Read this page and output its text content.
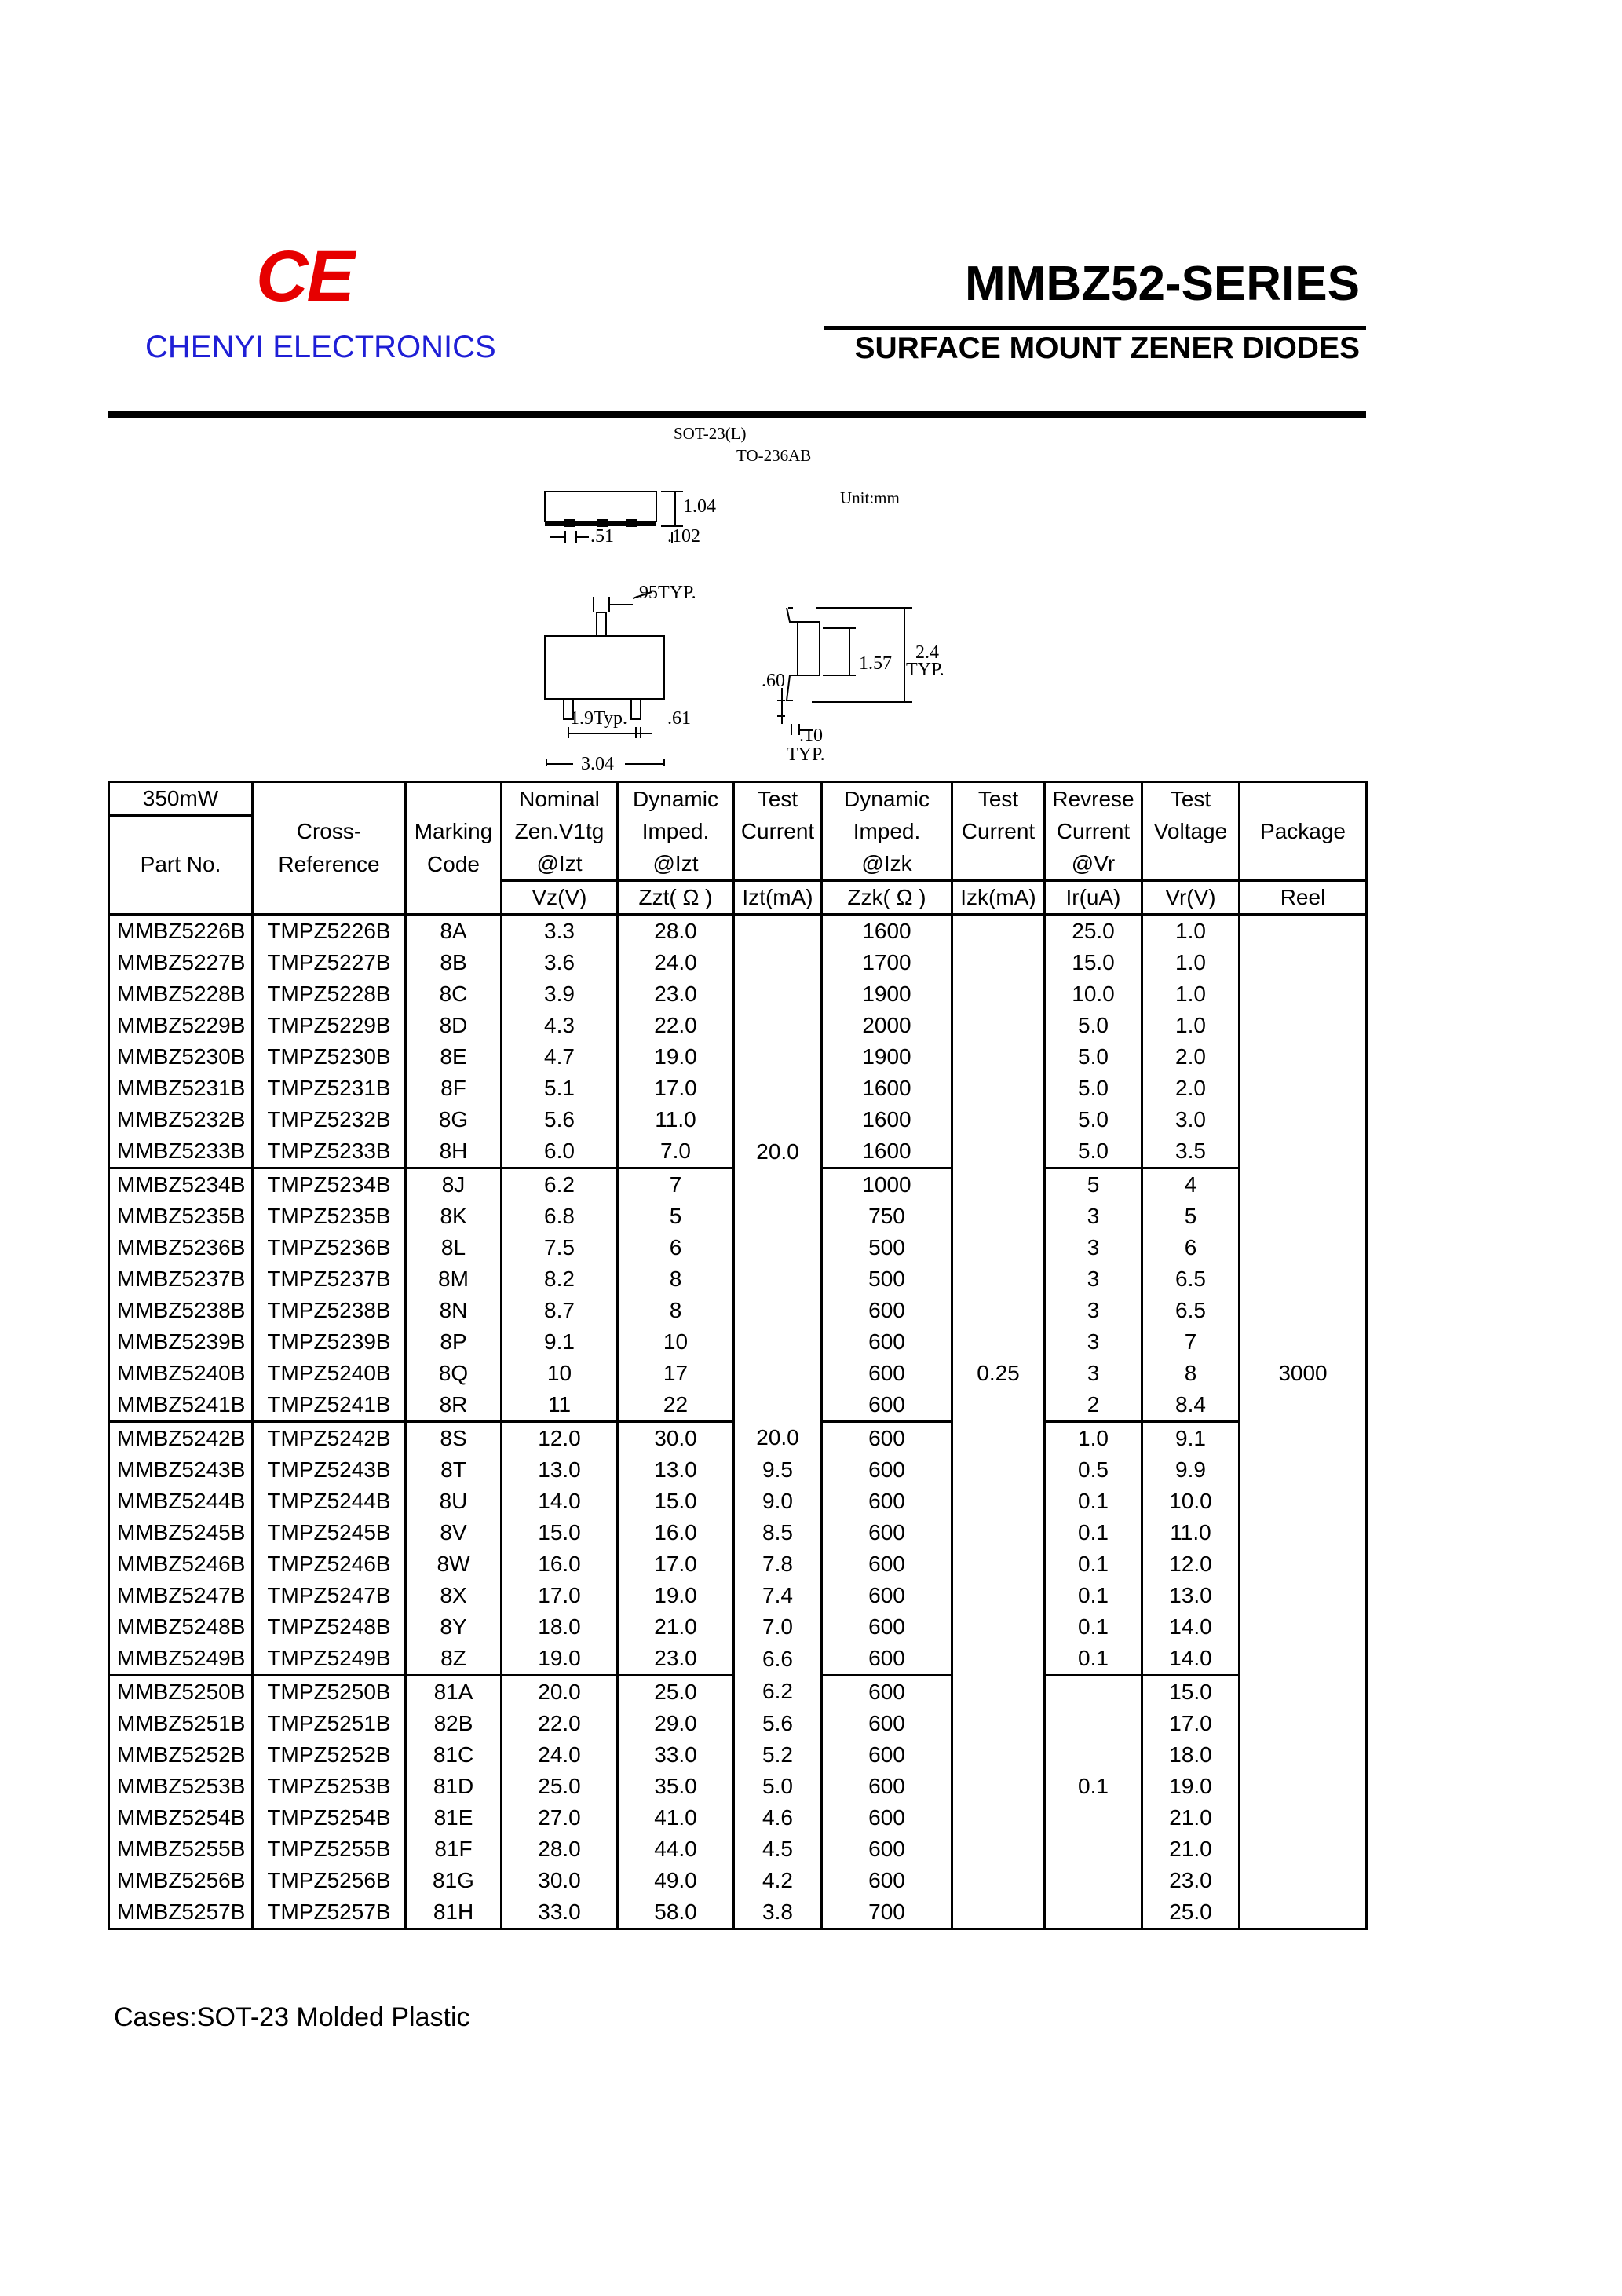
CE
CHENYI ELECTRONICS
MMBZ52-SERIES
SURFACE MOUNT ZENER DIODES
SOT-23(L)
TO-236AB
Unit:mm
1.04
.51	.102
.95TYP.
1.9Typ. .61
3.04
1.57
2.4
TYP.
.60
.10
TYP.
350mW			Nominal	Dynamic	Test	Dynamic	Test	Revrese	Test	
	Cross-	Marking	Zen.V1tg	Imped.	Current	Imped.	Current	Current	Voltage	Package
Part No.	Reference	Code	@Izt	@Izt		@Izk		@Vr		
			Vz(V)	Zzt( Ω )	Izt(mA)	Zzk( Ω )	Izk(mA)	Ir(uA)	Vr(V)	Reel
MMBZ5226B	TMPZ5226B	8A	3.3	28.0		1600		25.0	1.0	
MMBZ5227B	TMPZ5227B	8B	3.6	24.0		1700		15.0	1.0	
MMBZ5228B	TMPZ5228B	8C	3.9	23.0		1900		10.0	1.0	
MMBZ5229B	TMPZ5229B	8D	4.3	22.0		2000		5.0	1.0	
MMBZ5230B	TMPZ5230B	8E	4.7	19.0		1900		5.0	2.0	
MMBZ5231B	TMPZ5231B	8F	5.1	17.0		1600		5.0	2.0	
MMBZ5232B	TMPZ5232B	8G	5.6	11.0		1600		5.0	3.0	
MMBZ5233B	TMPZ5233B	8H	6.0	7.0	20.0	1600		5.0	3.5	
MMBZ5234B	TMPZ5234B	8J	6.2	7		1000		5	4	
MMBZ5235B	TMPZ5235B	8K	6.8	5		750		3	5	
MMBZ5236B	TMPZ5236B	8L	7.5	6		500		3	6	
MMBZ5237B	TMPZ5237B	8M	8.2	8		500		3	6.5	
MMBZ5238B	TMPZ5238B	8N	8.7	8		600		3	6.5	
MMBZ5239B	TMPZ5239B	8P	9.1	10		600		3	7	
MMBZ5240B	TMPZ5240B	8Q	10	17		600	0.25	3	8	3000
MMBZ5241B	TMPZ5241B	8R	11	22		600		2	8.4	
MMBZ5242B	TMPZ5242B	8S	12.0	30.0	20.0	600		1.0	9.1	
MMBZ5243B	TMPZ5243B	8T	13.0	13.0	9.5	600		0.5	9.9	
MMBZ5244B	TMPZ5244B	8U	14.0	15.0	9.0	600		0.1	10.0	
MMBZ5245B	TMPZ5245B	8V	15.0	16.0	8.5	600		0.1	11.0	
MMBZ5246B	TMPZ5246B	8W	16.0	17.0	7.8	600		0.1	12.0	
MMBZ5247B	TMPZ5247B	8X	17.0	19.0	7.4	600		0.1	13.0	
MMBZ5248B	TMPZ5248B	8Y	18.0	21.0	7.0	600		0.1	14.0	
MMBZ5249B	TMPZ5249B	8Z	19.0	23.0	6.6	600		0.1	14.0	
MMBZ5250B	TMPZ5250B	81A	20.0	25.0	6.2	600			15.0	
MMBZ5251B	TMPZ5251B	82B	22.0	29.0	5.6	600			17.0	
MMBZ5252B	TMPZ5252B	81C	24.0	33.0	5.2	600			18.0	
MMBZ5253B	TMPZ5253B	81D	25.0	35.0	5.0	600		0.1	19.0	
MMBZ5254B	TMPZ5254B	81E	27.0	41.0	4.6	600			21.0	
MMBZ5255B	TMPZ5255B	81F	28.0	44.0	4.5	600			21.0	
MMBZ5256B	TMPZ5256B	81G	30.0	49.0	4.2	600			23.0	
MMBZ5257B	TMPZ5257B	81H	33.0	58.0	3.8	700			25.0	
Cases:SOT-23 Molded Plastic
